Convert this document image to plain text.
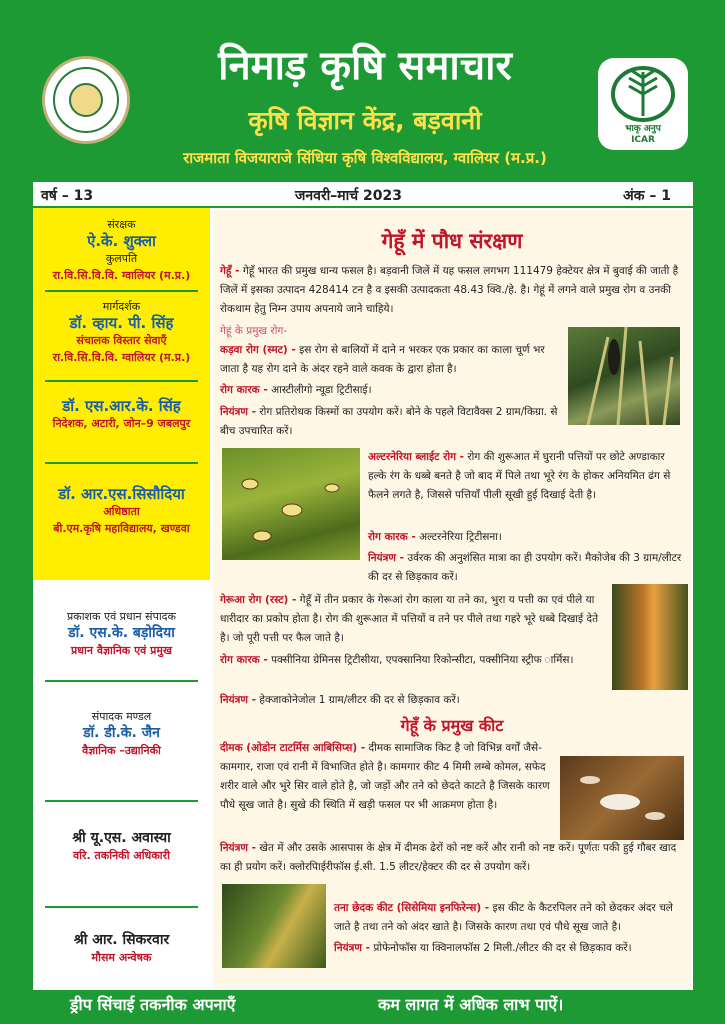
भाकृ अनुप
ICAR
निमाड़ कृषि समाचार
कृषि विज्ञान केंद्र, बड़वानी
राजमाता विजयाराजे सिंधिया कृषि विश्वविद्यालय, ग्वालियर (म.प्र.)
वर्ष – 13	जनवरी–मार्च 2023	अंक – 1
संरक्षक
ऐ.के. शुक्ला
कुलपति
रा.वि.सि.वि.वि. ग्वालियर (म.प्र.)
मार्गदर्शक
डॉ. व्हाय. पी. सिंह
संचालक विस्तार सेवाएँ
रा.वि.सि.वि.वि. ग्वालियर (म.प्र.)
डॉ. एस.आर.के. सिंह
निदेशक, अटारी, जोन–9 जबलपुर
डॉ. आर.एस.सिसौदिया
अधिष्ठाता
बी.एम.कृषि महाविद्यालय, खण्डवा
प्रकाशक एवं प्रधान संपादक
डॉ. एस.के. बड़ोदिया
प्रधान वैज्ञानिक एवं प्रमुख
संपादक मण्डल
डॉ. डी.के. जैन
वैज्ञानिक –उद्यानिकी
श्री यू.एस. अवास्या
वरि. तकनिकी अधिकारी
श्री आर. सिकरवार
मौसम अन्वेषक
गेहूँ में पौध संरक्षण
गेहूँ - गेहूँ भारत की प्रमुख धान्य फसल है। बड़वानी जिलें में यह फसल लगभग 111479 हेक्टेयर क्षेत्र में बुवाई की जाती है जिलें में इसका उत्पादन 428414 टन है व इसकी उत्पादकता 48.43 क्वि./हे. है। गेहूं में लगने वाले प्रमुख रोग व उनकी रोकथाम हेतु निम्न उपाय अपनाये जाने चाहिये।
गेहूं के प्रमुख रोग-
कड़वा रोग (स्मट) - इस रोग से बालियों में दाने न भरकर एक प्रकार का काला चूर्ण भर जाता है यह रोग दाने के अंदर रहने वाले कवक के द्वारा होता है।
रोग कारक - आस्टीलीगो न्यूडा ट्रिटीसाई।
नियंत्रण - रोग प्रतिरोधक किस्मों का उपयोग करें। बोने के पहले विटावैक्स 2 ग्राम/किग्रा. से बीच उपचारित करें।
अल्टरनेरिया ब्लाईट रोग - रोग की शुरूआत में घुरानी पत्तियों पर छोटे अण्डाकार हल्के रंग के धब्बे बनते है जो बाद में पिले तथा भूरे रंग के होकर अनियमित ढंग से फैलने लगते है, जिससे पत्तियाँ पीली सूखी हुई दिखाई देती है।
रोग कारक - अल्टरनेरिया ट्रिटीसना।
नियंत्रण - उर्वरक की अनुशंसित मात्रा का ही उपयोग करें। मैकोजेब की 3 ग्राम/लीटर की दर से छिड़काव करें।
गेरूआ रोग (रस्ट) - गेहूँ में तीन प्रकार के गेरूआं रोग काला या तने का, भुरा य पत्ती का एवं पीले या धारीदार का प्रकोप होता है। रोग की शुरूआत में पत्तियों व तने पर पीले तथा गहरे भूरे धब्बे दिखाई देते है। जो पूरी पत्ती पर फैल जाते है।
रोग कारक - पक्सीनिया ग्रेमिनस ट्रिटीसीया, एपक्सानिया रिकोन्सीटा, पक्सीनिया स्ट्रीफ ार्मिस।
नियंत्रण - हेक्जाकोनेजोल 1 ग्राम/लीटर की दर से छिड़काव करें।
गेहूँ के प्रमुख कीट
दीमक (ओडोन टाटर्मिस आबिसिप्स) - दीमक सामाजिक किट है जो विभिन्न वर्गों जैसे- कामगार, राजा एवं रानी में विभाजित होते है। कामगार कीट 4 मिमी लम्बे कोमल, सफेद शरीर वाले और भुरे सिर वाले होते है, जो जड़ों और तने को छेदते काटते है जिसके कारण पौधे सूख जाते है। सुखे की स्थिति में खड़ी फसल पर भी आक्रमण होता है।
नियंत्रण - खेत में और उसके आसपास के क्षेत्र में दीमक ढेरों को नष्ट करें और रानी को नष्ट करें। पूर्णतः पकी हुई गौबर खाद का ही प्रयोग करें। क्लोरपिाईरीफॉस ई.सी. 1.5 लीटर/हेक्टर की दर से उपयोग करें।
तना छेदक कीट (सिसेमिया इनफिरेन्स) - इस कीट के कैटरपिलर तने को छेदकर अंदर चले जाते है तथा तने को अंदर खाते है। जिसके कारण तथा एवं पौधे सूख जाते है।
नियंत्रण - प्रोफेनोफॉस या क्विनालफॉस 2 मिली./लीटर की दर से छिड़काव करें।
ड्रीप सिंचाई तकनीक अपनाएँ	कम लागत में अधिक लाभ पाऐं।
